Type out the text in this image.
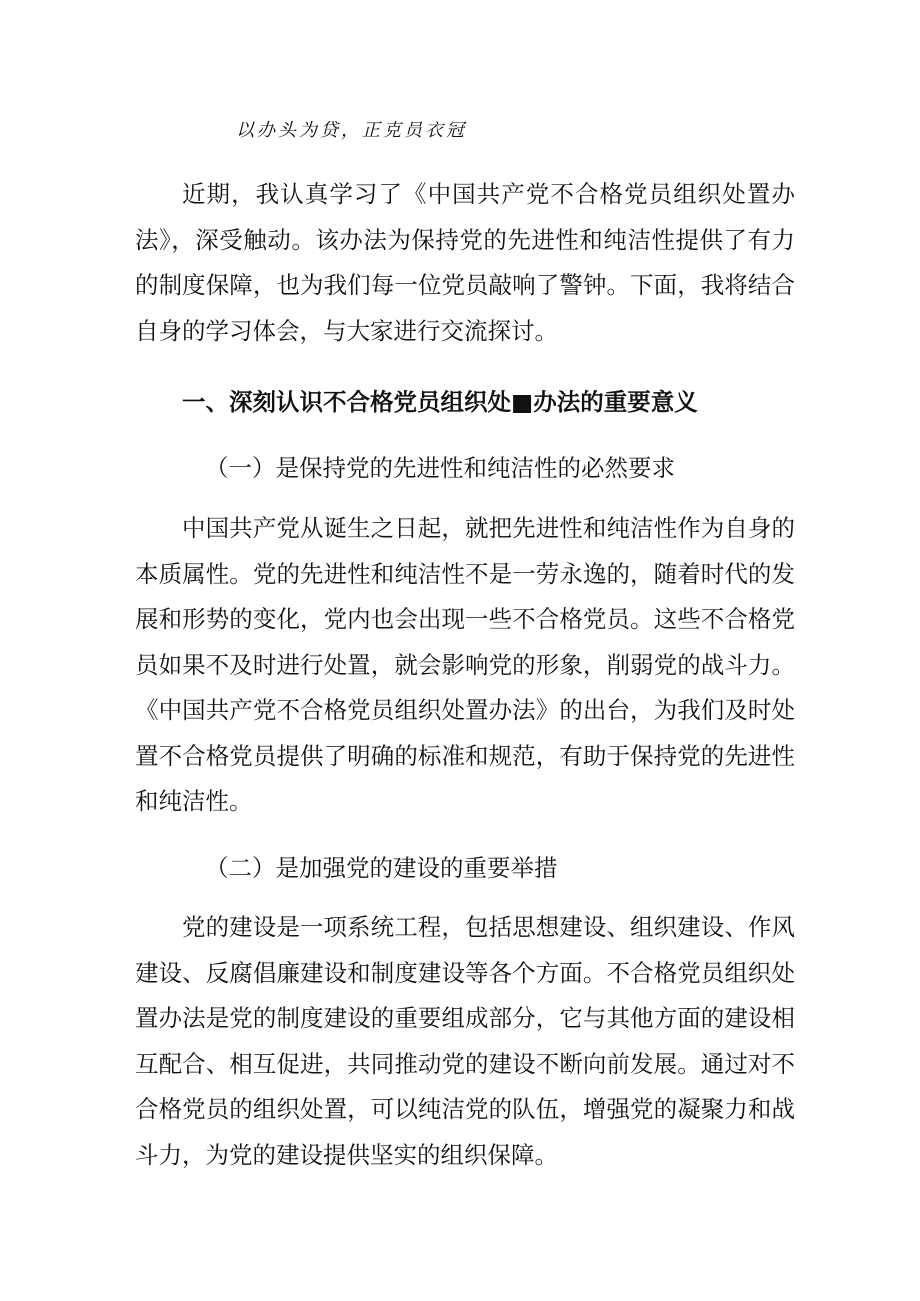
以办头为贷，正克员衣冠

近期，我认真学习了《中国共产党不合格党员组织处置办法》，深受触动。该办法为保持党的先进性和纯洁性提供了有力的制度保障，也为我们每一位党员敲响了警钟。下面，我将结合自身的学习体会，与大家进行交流探讨。

一、深刻认识不合格党员组织处■办法的重要意义
（一）是保持党的先进性和纯洁性的必然要求

中国共产党从诞生之日起，就把先进性和纯洁性作为自身的本质属性。党的先进性和纯洁性不是一劳永逸的，随着时代的发展和形势的变化，党内也会出现一些不合格党员。这些不合格党员如果不及时进行处置，就会影响党的形象，削弱党的战斗力。《中国共产党不合格党员组织处置办法》的出台，为我们及时处置不合格党员提供了明确的标准和规范，有助于保持党的先进性和纯洁性。

（二）是加强党的建设的重要举措

党的建设是一项系统工程，包括思想建设、组织建设、作风建设、反腐倡廉建设和制度建设等各个方面。不合格党员组织处置办法是党的制度建设的重要组成部分，它与其他方面的建设相互配合、相互促进，共同推动党的建设不断向前发展。通过对不合格党员的组织处置，可以纯洁党的队伍，增强党的凝聚力和战斗力，为党的建设提供坚实的组织保障。
